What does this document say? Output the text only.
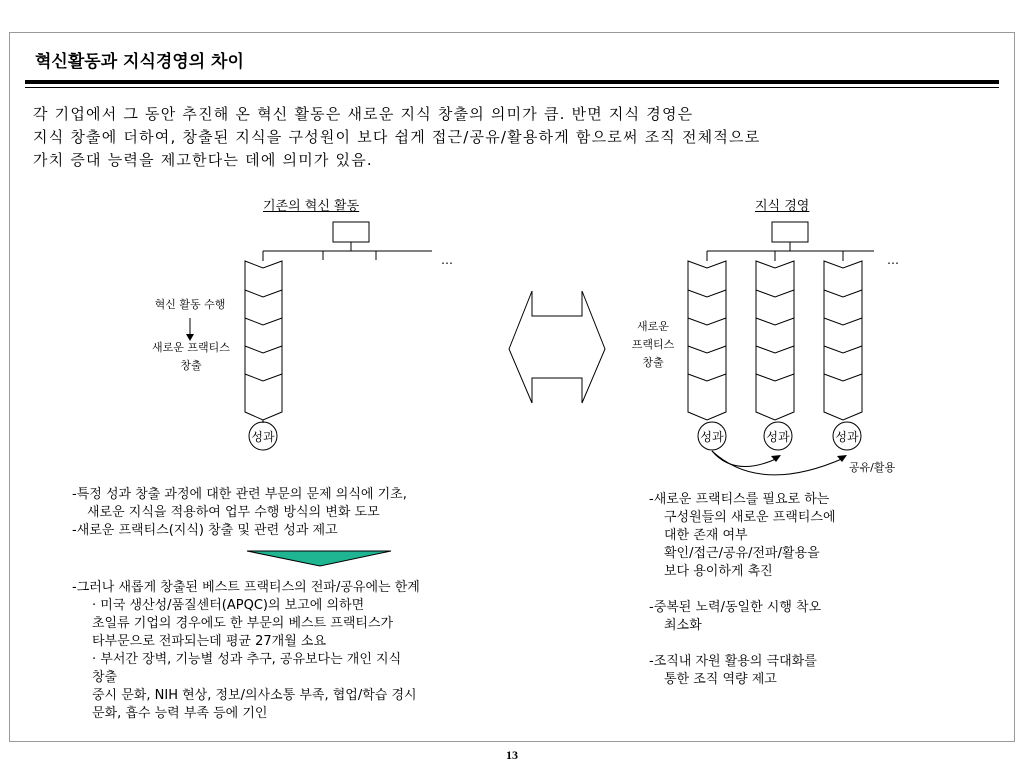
혁신활동과 지식경영의 차이
각 기업에서 그 동안 추진해 온 혁신 활동은 새로운 지식 창출의 의미가 큼. 반면 지식 경영은
지식 창출에 더하여, 창출된 지식을 구성원이 보다 쉽게 접근/공유/활용하게 함으로써 조직 전체적으로
가치 증대 능력을 제고한다는 데에 의미가 있음.
기존의 혁신 활동
…
혁신 활동 수행
새로운 프랙티스
창출
성과
지식 경영
…
새로운
프랙티스
창출
성과	성과	성과
공유/활용
-특정 성과 창출 과정에 대한 관련 부문의 문제 의식에 기초,
새로운 지식을 적용하여 업무 수행 방식의 변화 도모
-새로운 프랙티스(지식) 창출 및 관련 성과 제고
-그러나 새롭게 창출된 베스트 프랙티스의 전파/공유에는 한계
· 미국 생산성/품질센터(APQC)의 보고에 의하면
초일류 기업의 경우에도 한 부문의 베스트 프랙티스가
타부문으로 전파되는데 평균 27개월 소요
· 부서간 장벽, 기능별 성과 추구, 공유보다는 개인 지식
창출
중시 문화, NIH 현상, 정보/의사소통 부족, 협업/학습 경시
문화, 흡수 능력 부족 등에 기인
-새로운 프랙티스를 필요로 하는
구성원들의 새로운 프랙티스에
대한 존재 여부
확인/접근/공유/전파/활용을
보다 용이하게 촉진
-중복된 노력/동일한 시행 착오
최소화
-조직내 자원 활용의 극대화를
통한 조직 역량 제고
13
